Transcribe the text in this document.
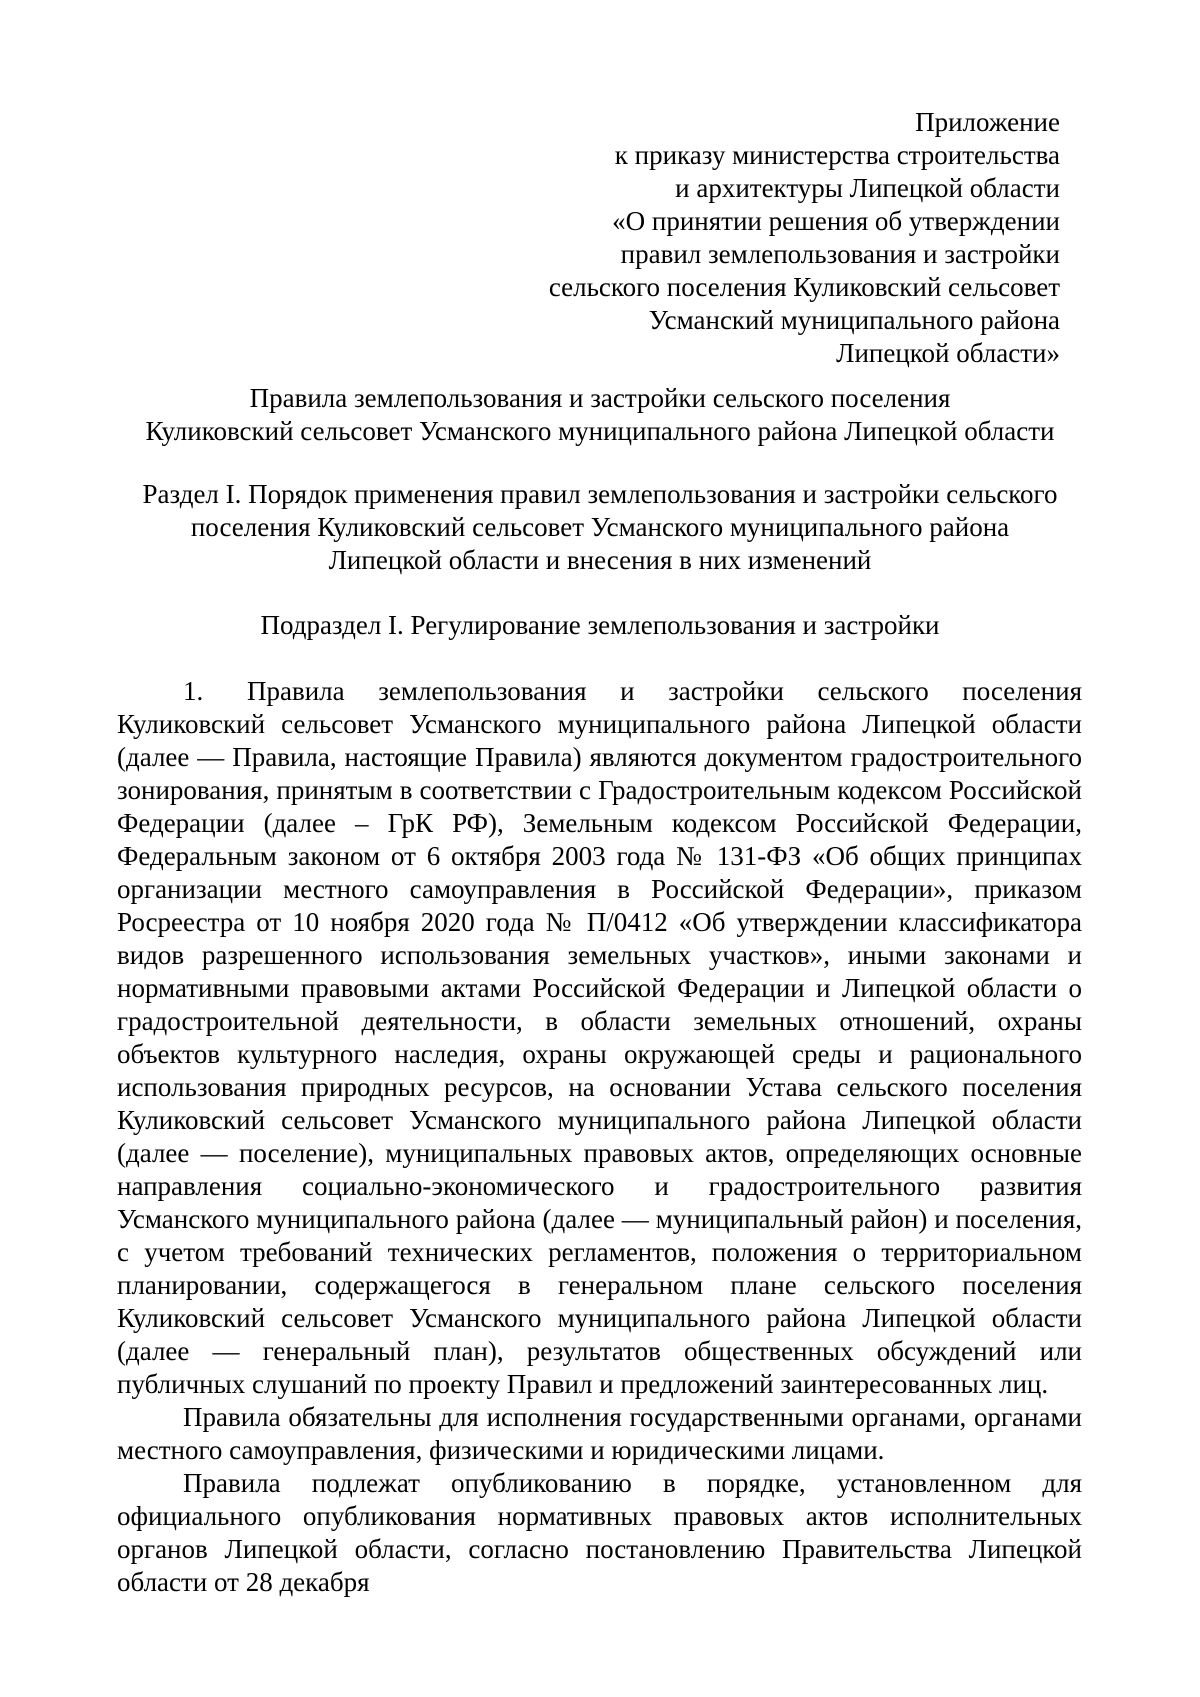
Приложение
к приказу министерства строительства
и архитектуры Липецкой области
«О принятии решения об утверждении
правил землепользования и застройки
сельского поселения Куликовский сельсовет
Усманский муниципального района
Липецкой области»
Правила землепользования и застройки сельского поселения
Куликовский сельсовет Усманского муниципального района Липецкой области
Раздел I. Порядок применения правил землепользования и застройки сельского
поселения Куликовский сельсовет Усманского муниципального района
Липецкой области и внесения в них изменений
Подраздел I. Регулирование землепользования и застройки

1. Правила землепользования и застройки сельского поселения Куликовский сельсовет Усманского муниципального района Липецкой области (далее — Правила, настоящие Правила) являются документом градостроительного зонирования, принятым в соответствии с Градостроительным кодексом Российской Федерации (далее – ГрК РФ), Земельным кодексом Российской Федерации, Федеральным законом от 6 октября 2003 года № 131-ФЗ «Об общих принципах организации местного самоуправления в Российской Федерации», приказом Росреестра от 10 ноября 2020 года № П/0412 «Об утверждении классификатора видов разрешенного использования земельных участков», иными законами и нормативными правовыми актами Российской Федерации и Липецкой области о градостроительной деятельности, в области земельных отношений, охраны объектов культурного наследия, охраны окружающей среды и рационального использования природных ресурсов, на основании Устава сельского поселения Куликовский сельсовет Усманского муниципального района Липецкой области (далее — поселение), муниципальных правовых актов, определяющих основные направления социально-экономического и градостроительного развития Усманского муниципального района (далее — муниципальный район) и поселения, с учетом требований технических регламентов, положения о территориальном планировании, содержащегося в генеральном плане сельского поселения Куликовский сельсовет Усманского муниципального района Липецкой области (далее — генеральный план), результатов общественных обсуждений или публичных слушаний по проекту Правил и предложений заинтересованных лиц.

Правила обязательны для исполнения государственными органами, органами местного самоуправления, физическими и юридическими лицами.

Правила подлежат опубликованию в порядке, установленном для официального опубликования нормативных правовых актов исполнительных органов Липецкой области, согласно постановлению Правительства Липецкой области от 28 декабря
